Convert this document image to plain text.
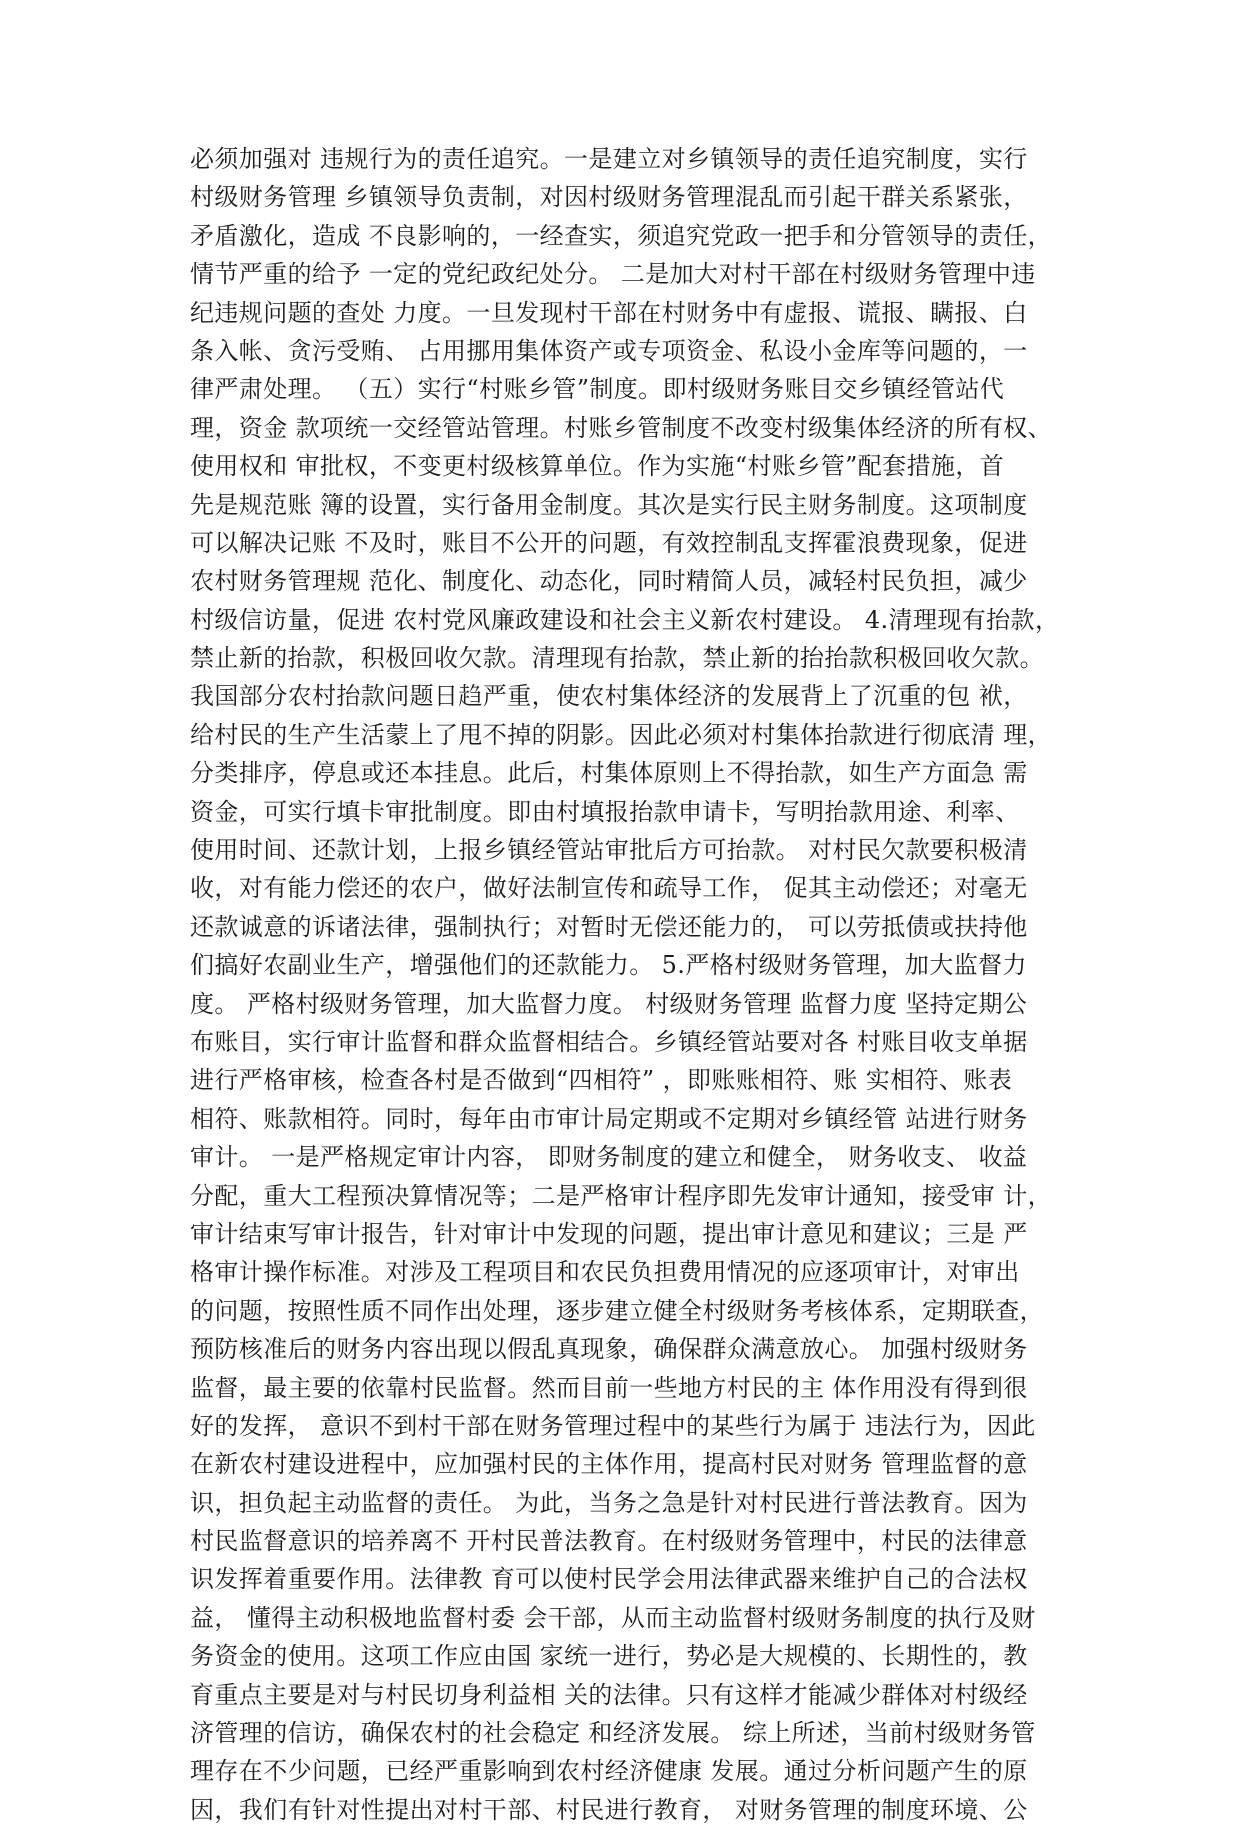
必须加强对 违规行为的责任追究。一是建立对乡镇领导的责任追究制度，实行
村级财务管理 乡镇领导负责制，对因村级财务管理混乱而引起干群关系紧张，
矛盾激化，造成 不良影响的，一经查实，须追究党政一把手和分管领导的责任，
情节严重的给予 一定的党纪政纪处分。 二是加大对村干部在村级财务管理中违
纪违规问题的查处 力度。一旦发现村干部在村财务中有虚报、谎报、瞒报、白
条入帐、贪污受贿、 占用挪用集体资产或专项资金、私设小金库等问题的，一
律严肃处理。 （五）实行“村账乡管”制度。即村级财务账目交乡镇经管站代
理，资金 款项统一交经管站管理。村账乡管制度不改变村级集体经济的所有权、
使用权和 审批权，不变更村级核算单位。作为实施“村账乡管”配套措施，首
先是规范账 簿的设置，实行备用金制度。其次是实行民主财务制度。这项制度
可以解决记账 不及时，账目不公开的问题，有效控制乱支挥霍浪费现象，促进
农村财务管理规 范化、制度化、动态化，同时精简人员，减轻村民负担，减少
村级信访量，促进 农村党风廉政建设和社会主义新农村建设。 4.清理现有抬款，
禁止新的抬款，积极回收欠款。清理现有抬款，禁止新的抬抬款积极回收欠款。
我国部分农村抬款问题日趋严重，使农村集体经济的发展背上了沉重的包 袱，
给村民的生产生活蒙上了甩不掉的阴影。因此必须对村集体抬款进行彻底清 理，
分类排序，停息或还本挂息。此后，村集体原则上不得抬款，如生产方面急 需
资金，可实行填卡审批制度。即由村填报抬款申请卡，写明抬款用途、利率、
使用时间、还款计划，上报乡镇经管站审批后方可抬款。 对村民欠款要积极清
收，对有能力偿还的农户，做好法制宣传和疏导工作， 促其主动偿还；对毫无
还款诚意的诉诸法律，强制执行；对暂时无偿还能力的， 可以劳抵债或扶持他
们搞好农副业生产，增强他们的还款能力。 5.严格村级财务管理，加大监督力
度。 严格村级财务管理，加大监督力度。 村级财务管理 监督力度 坚持定期公
布账目，实行审计监督和群众监督相结合。乡镇经管站要对各 村账目收支单据
进行严格审核，检查各村是否做到“四相符” ，即账账相符、账 实相符、账表
相符、账款相符。同时，每年由市审计局定期或不定期对乡镇经管 站进行财务
审计。 一是严格规定审计内容， 即财务制度的建立和健全， 财务收支、 收益
分配，重大工程预决算情况等；二是严格审计程序即先发审计通知，接受审 计，
审计结束写审计报告，针对审计中发现的问题，提出审计意见和建议；三是 严
格审计操作标准。对涉及工程项目和农民负担费用情况的应逐项审计，对审出
的问题，按照性质不同作出处理，逐步建立健全村级财务考核体系，定期联查，
预防核准后的财务内容出现以假乱真现象，确保群众满意放心。 加强村级财务
监督，最主要的依靠村民监督。然而目前一些地方村民的主 体作用没有得到很
好的发挥， 意识不到村干部在财务管理过程中的某些行为属于 违法行为，因此
在新农村建设进程中，应加强村民的主体作用，提高村民对财务 管理监督的意
识，担负起主动监督的责任。 为此，当务之急是针对村民进行普法教育。因为
村民监督意识的培养离不 开村民普法教育。在村级财务管理中，村民的法律意
识发挥着重要作用。法律教 育可以使村民学会用法律武器来维护自己的合法权
益， 懂得主动积极地监督村委 会干部，从而主动监督村级财务制度的执行及财
务资金的使用。这项工作应由国 家统一进行，势必是大规模的、长期性的，教
育重点主要是对与村民切身利益相 关的法律。只有这样才能减少群体对村级经
济管理的信访，确保农村的社会稳定 和经济发展。 综上所述，当前村级财务管
理存在不少问题，已经严重影响到农村经济健康 发展。通过分析问题产生的原
因，我们有针对性提出对村干部、村民进行教育， 对财务管理的制度环境、公
